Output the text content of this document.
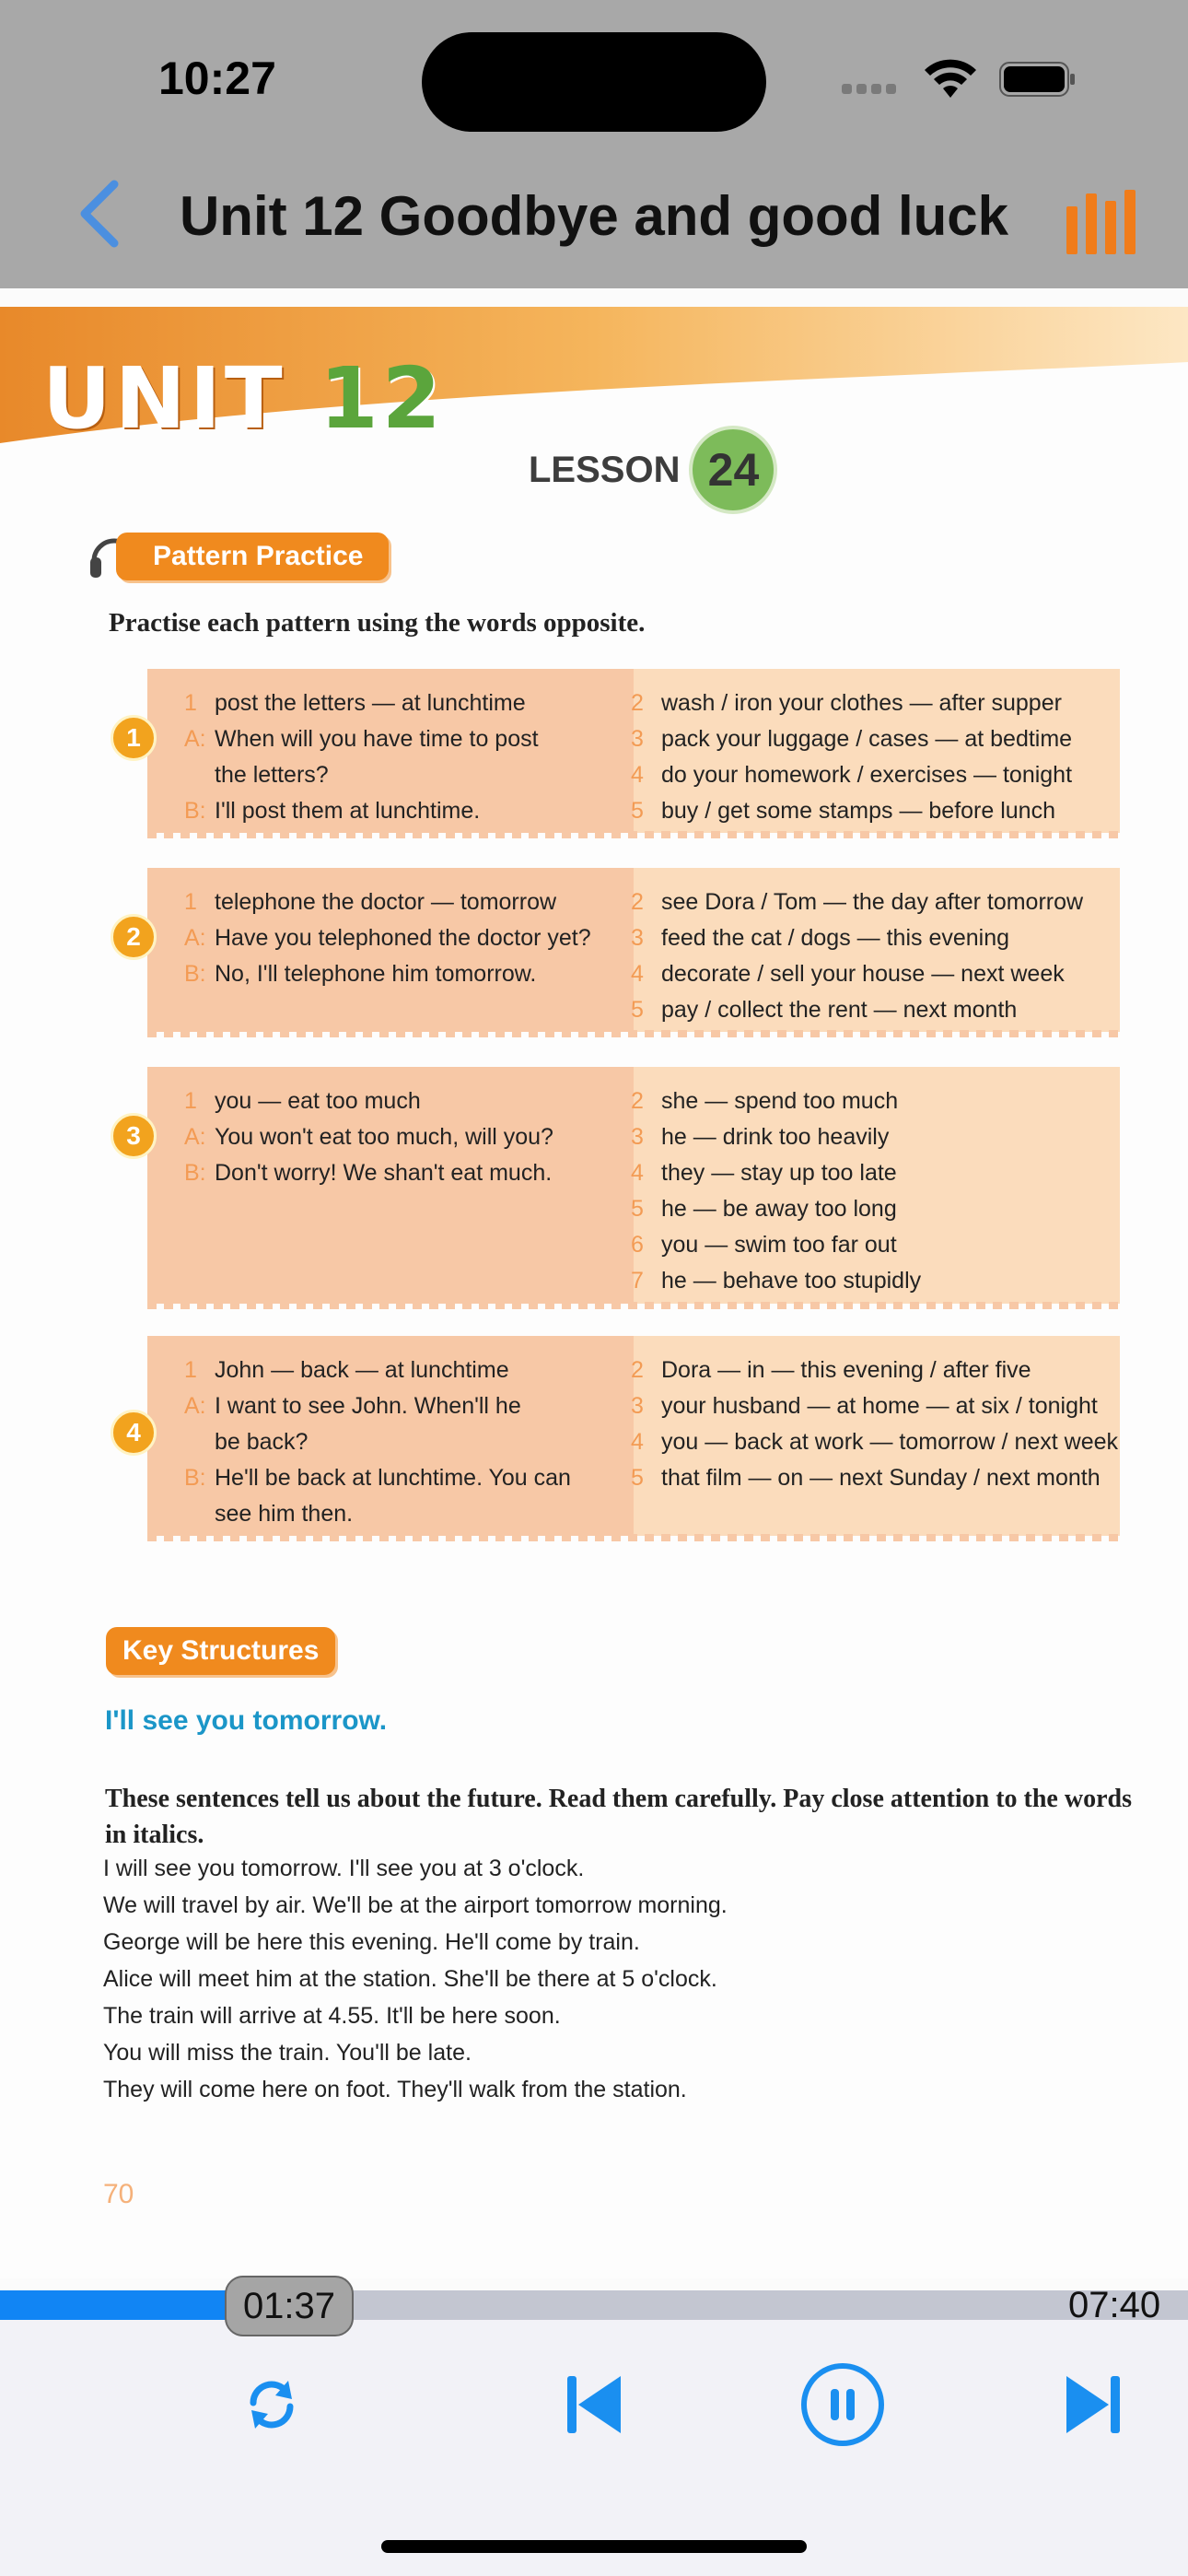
10:27
Unit 12 Goodbye and good luck
UNIT 12
LESSON 24
Pattern Practice
Practise each pattern using the words opposite.
1
1 post the letters — at lunchtime
A: When will you have time to post
the letters?
B: I'll post them at lunchtime.
2 wash / iron your clothes — after supper
3 pack your luggage / cases — at bedtime
4 do your homework / exercises — tonight
5 buy / get some stamps — before lunch
2
1 telephone the doctor — tomorrow
A: Have you telephoned the doctor yet?
B: No, I'll telephone him tomorrow.
2 see Dora / Tom — the day after tomorrow
3 feed the cat / dogs — this evening
4 decorate / sell your house — next week
5 pay / collect the rent — next month
3
1 you — eat too much
A: You won't eat too much, will you?
B: Don't worry! We shan't eat much.
2 she — spend too much
3 he — drink too heavily
4 they — stay up too late
5 he — be away too long
6 you — swim too far out
7 he — behave too stupidly
4
1 John — back — at lunchtime
A: I want to see John. When'll he
be back?
B: He'll be back at lunchtime. You can
see him then.
2 Dora — in — this evening / after five
3 your husband — at home — at six / tonight
4 you — back at work — tomorrow / next week
5 that film — on — next Sunday / next month
Key Structures
I'll see you tomorrow.
These sentences tell us about the future. Read them carefully. Pay close attention to the words in italics.
I will see you tomorrow. I'll see you at 3 o'clock.
We will travel by air. We'll be at the airport tomorrow morning.
George will be here this evening. He'll come by train.
Alice will meet him at the station. She'll be there at 5 o'clock.
The train will arrive at 4.55. It'll be here soon.
You will miss the train. You'll be late.
They will come here on foot. They'll walk from the station.
70
01:37	07:40
